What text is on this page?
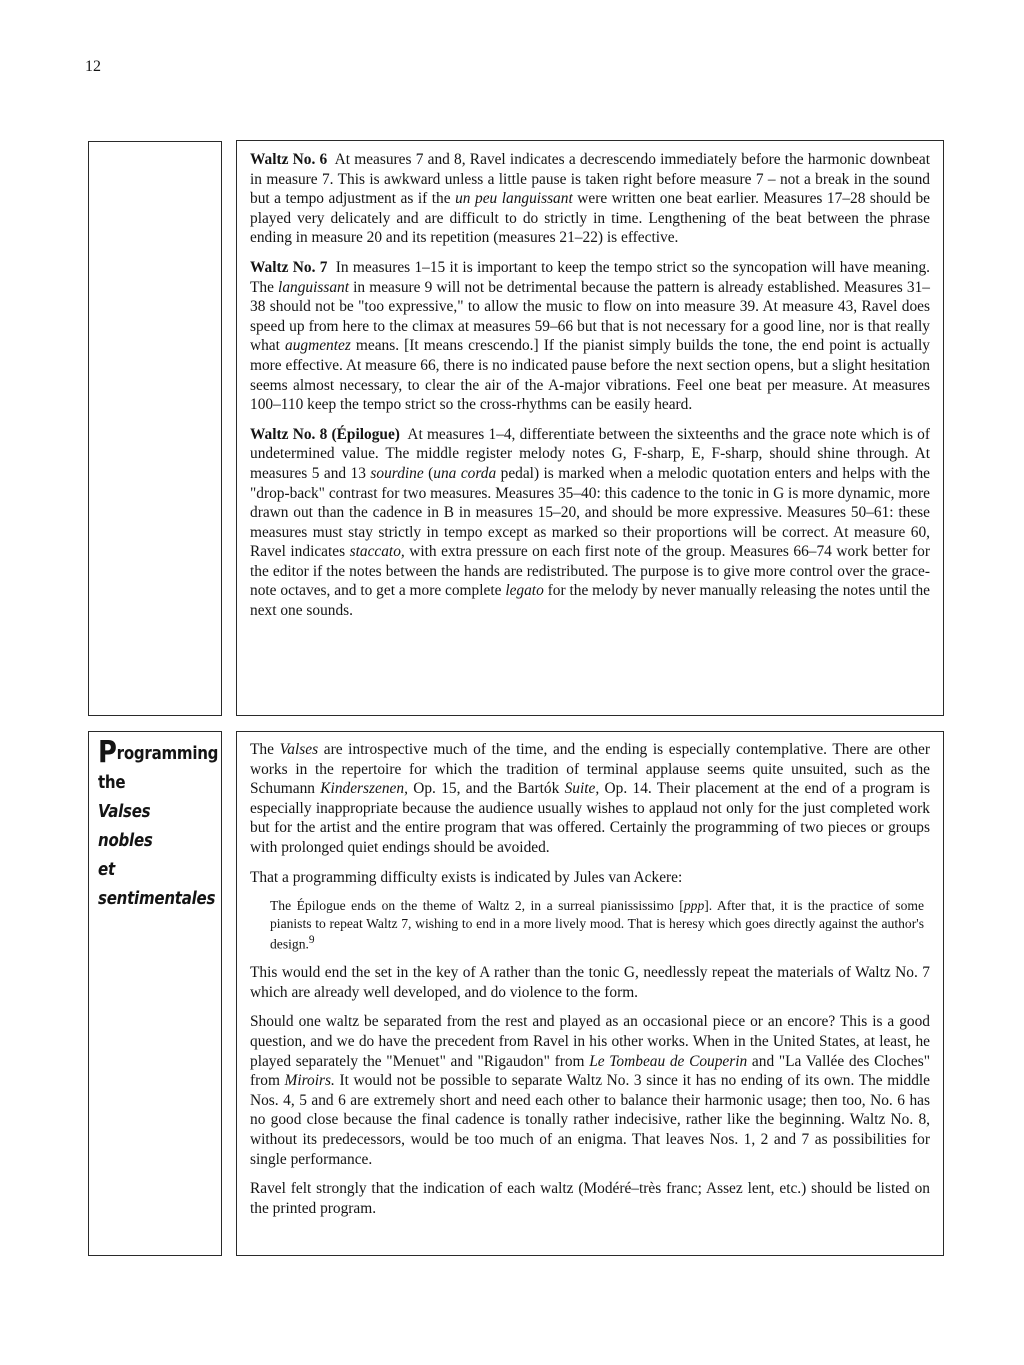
12

Waltz No. 6 At measures 7 and 8, Ravel indicates a decrescendo immediately before the harmonic downbeat in measure 7. This is awkward unless a little pause is taken right before measure 7 – not a break in the sound but a tempo adjustment as if the un peu languissant were written one beat earlier. Measures 17–28 should be played very delicately and are difficult to do strictly in time. Lengthening of the beat between the phrase ending in measure 20 and its repetition (measures 21–22) is effective.

Waltz No. 7 In measures 1–15 it is important to keep the tempo strict so the syncopation will have meaning. The languissant in measure 9 will not be detrimental because the pattern is already established. Measures 31–38 should not be "too expressive," to allow the music to flow on into measure 39. At measure 43, Ravel does speed up from here to the climax at measures 59–66 but that is not necessary for a good line, nor is that really what augmentez means. [It means crescendo.] If the pianist simply builds the tone, the end point is actually more effective. At measure 66, there is no indicated pause before the next section opens, but a slight hesitation seems almost necessary, to clear the air of the A-major vibrations. Feel one beat per measure. At measures 100–110 keep the tempo strict so the cross-rhythms can be easily heard.

Waltz No. 8 (Épilogue) At measures 1–4, differentiate between the sixteenths and the grace note which is of undetermined value. The middle register melody notes G, F-sharp, E, F-sharp, should shine through. At measures 5 and 13 sourdine (una corda pedal) is marked when a melodic quotation enters and helps with the "drop-back" contrast for two measures. Measures 35–40: this cadence to the tonic in G is more dynamic, more drawn out than the cadence in B in measures 15–20, and should be more expressive. Measures 50–61: these measures must stay strictly in tempo except as marked so their proportions will be correct. At measure 60, Ravel indicates staccato, with extra pressure on each first note of the group. Measures 66–74 work better for the editor if the notes between the hands are redistributed. The purpose is to give more control over the grace-note octaves, and to get a more complete legato for the melody by never manually releasing the notes until the next one sounds.

Programming
the
Valses
nobles
et
sentimentales

The Valses are introspective much of the time, and the ending is especially contemplative. There are other works in the repertoire for which the tradition of terminal applause seems quite unsuited, such as the Schumann Kinderszenen, Op. 15, and the Bartók Suite, Op. 14. Their placement at the end of a program is especially inappropriate because the audience usually wishes to applaud not only for the just completed work but for the artist and the entire program that was offered. Certainly the programming of two pieces or groups with prolonged quiet endings should be avoided.

That a programming difficulty exists is indicated by Jules van Ackere:

The Épilogue ends on the theme of Waltz 2, in a surreal pianississimo [ppp]. After that, it is the practice of some pianists to repeat Waltz 7, wishing to end in a more lively mood. That is heresy which goes directly against the author's design.$^9$

This would end the set in the key of A rather than the tonic G, needlessly repeat the materials of Waltz No. 7 which are already well developed, and do violence to the form.

Should one waltz be separated from the rest and played as an occasional piece or an encore? This is a good question, and we do have the precedent from Ravel in his other works. When in the United States, at least, he played separately the "Menuet" and "Rigaudon" from Le Tombeau de Couperin and "La Vallée des Cloches" from Miroirs. It would not be possible to separate Waltz No. 3 since it has no ending of its own. The middle Nos. 4, 5 and 6 are extremely short and need each other to balance their harmonic usage; then too, No. 6 has no good close because the final cadence is tonally rather indecisive, rather like the beginning. Waltz No. 8, without its predecessors, would be too much of an enigma. That leaves Nos. 1, 2 and 7 as possibilities for single performance.

Ravel felt strongly that the indication of each waltz (Modéré–très franc; Assez lent, etc.) should be listed on the printed program.
